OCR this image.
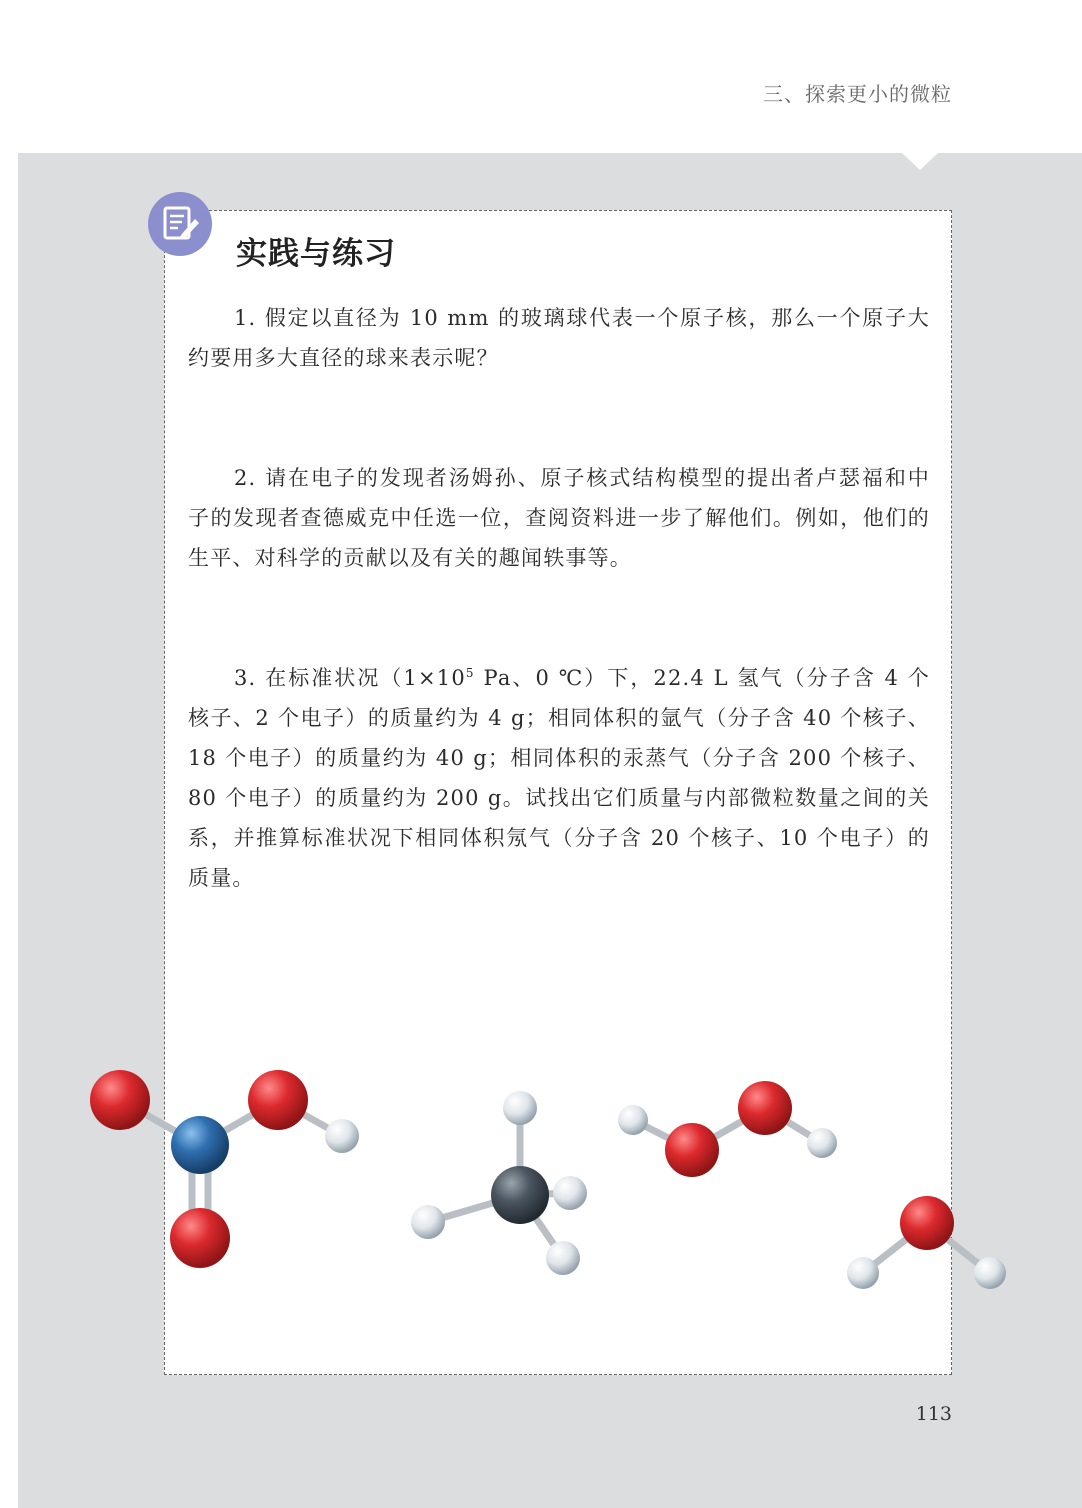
三、探索更小的微粒
实践与练习

1. 假定以直径为 10 mm 的玻璃球代表一个原子核，那么一个原子大约要用多大直径的球来表示呢？

2. 请在电子的发现者汤姆孙、原子核式结构模型的提出者卢瑟福和中子的发现者查德威克中任选一位，查阅资料进一步了解他们。例如，他们的生平、对科学的贡献以及有关的趣闻轶事等。

3. 在标准状况（$1\times 10^5$ Pa、0 ℃）下，22.4 L 氢气（分子含 4 个核子、2 个电子）的质量约为 4 g；相同体积的氩气（分子含 40 个核子、18 个电子）的质量约为 40 g；相同体积的汞蒸气（分子含 200 个核子、80 个电子）的质量约为 200 g。试找出它们质量与内部微粒数量之间的关系，并推算标准状况下相同体积氖气（分子含 20 个核子、10 个电子）的质量。

113
